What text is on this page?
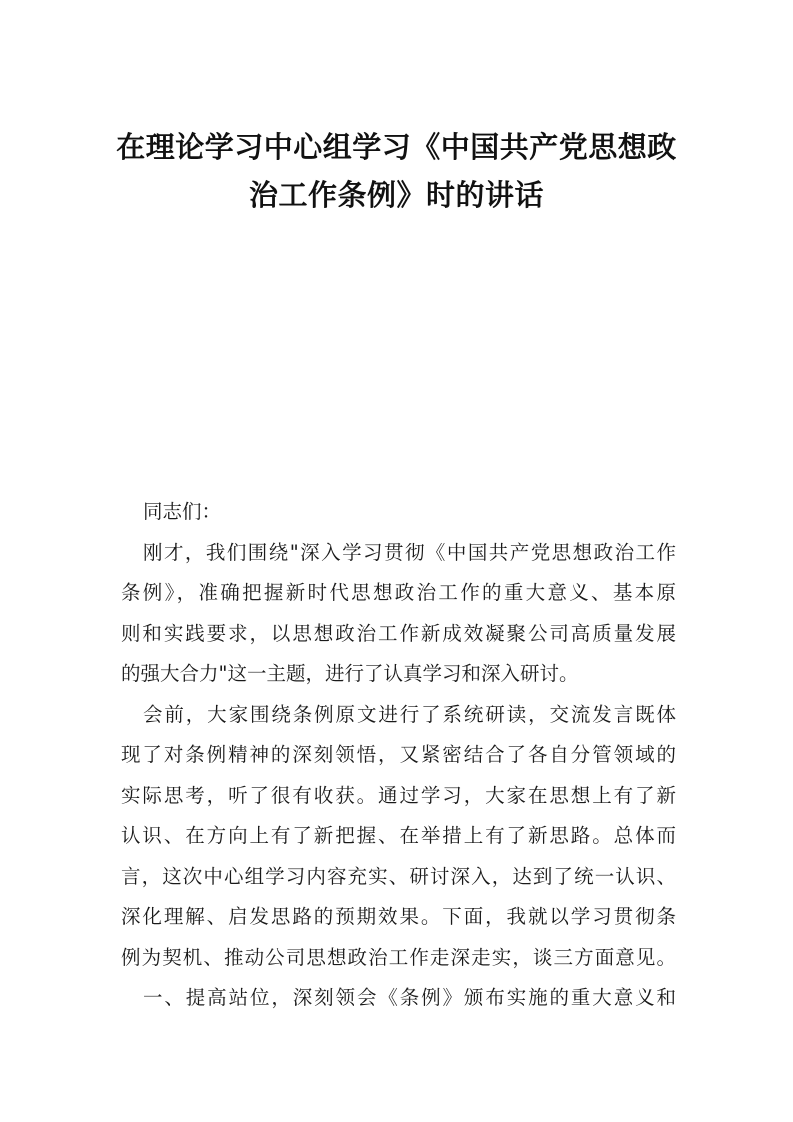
在理论学习中心组学习《中国共产党思想政
治工作条例》时的讲话
同志们：
刚才，我们围绕"深入学习贯彻《中国共产党思想政治工作
条例》，准确把握新时代思想政治工作的重大意义、基本原
则和实践要求，以思想政治工作新成效凝聚公司高质量发展
的强大合力"这一主题，进行了认真学习和深入研讨。
会前，大家围绕条例原文进行了系统研读，交流发言既体
现了对条例精神的深刻领悟，又紧密结合了各自分管领域的
实际思考，听了很有收获。通过学习，大家在思想上有了新
认识、在方向上有了新把握、在举措上有了新思路。总体而
言，这次中心组学习内容充实、研讨深入，达到了统一认识、
深化理解、启发思路的预期效果。下面，我就以学习贯彻条
例为契机、推动公司思想政治工作走深走实，谈三方面意见。
一、提高站位，深刻领会《条例》颁布实施的重大意义和
